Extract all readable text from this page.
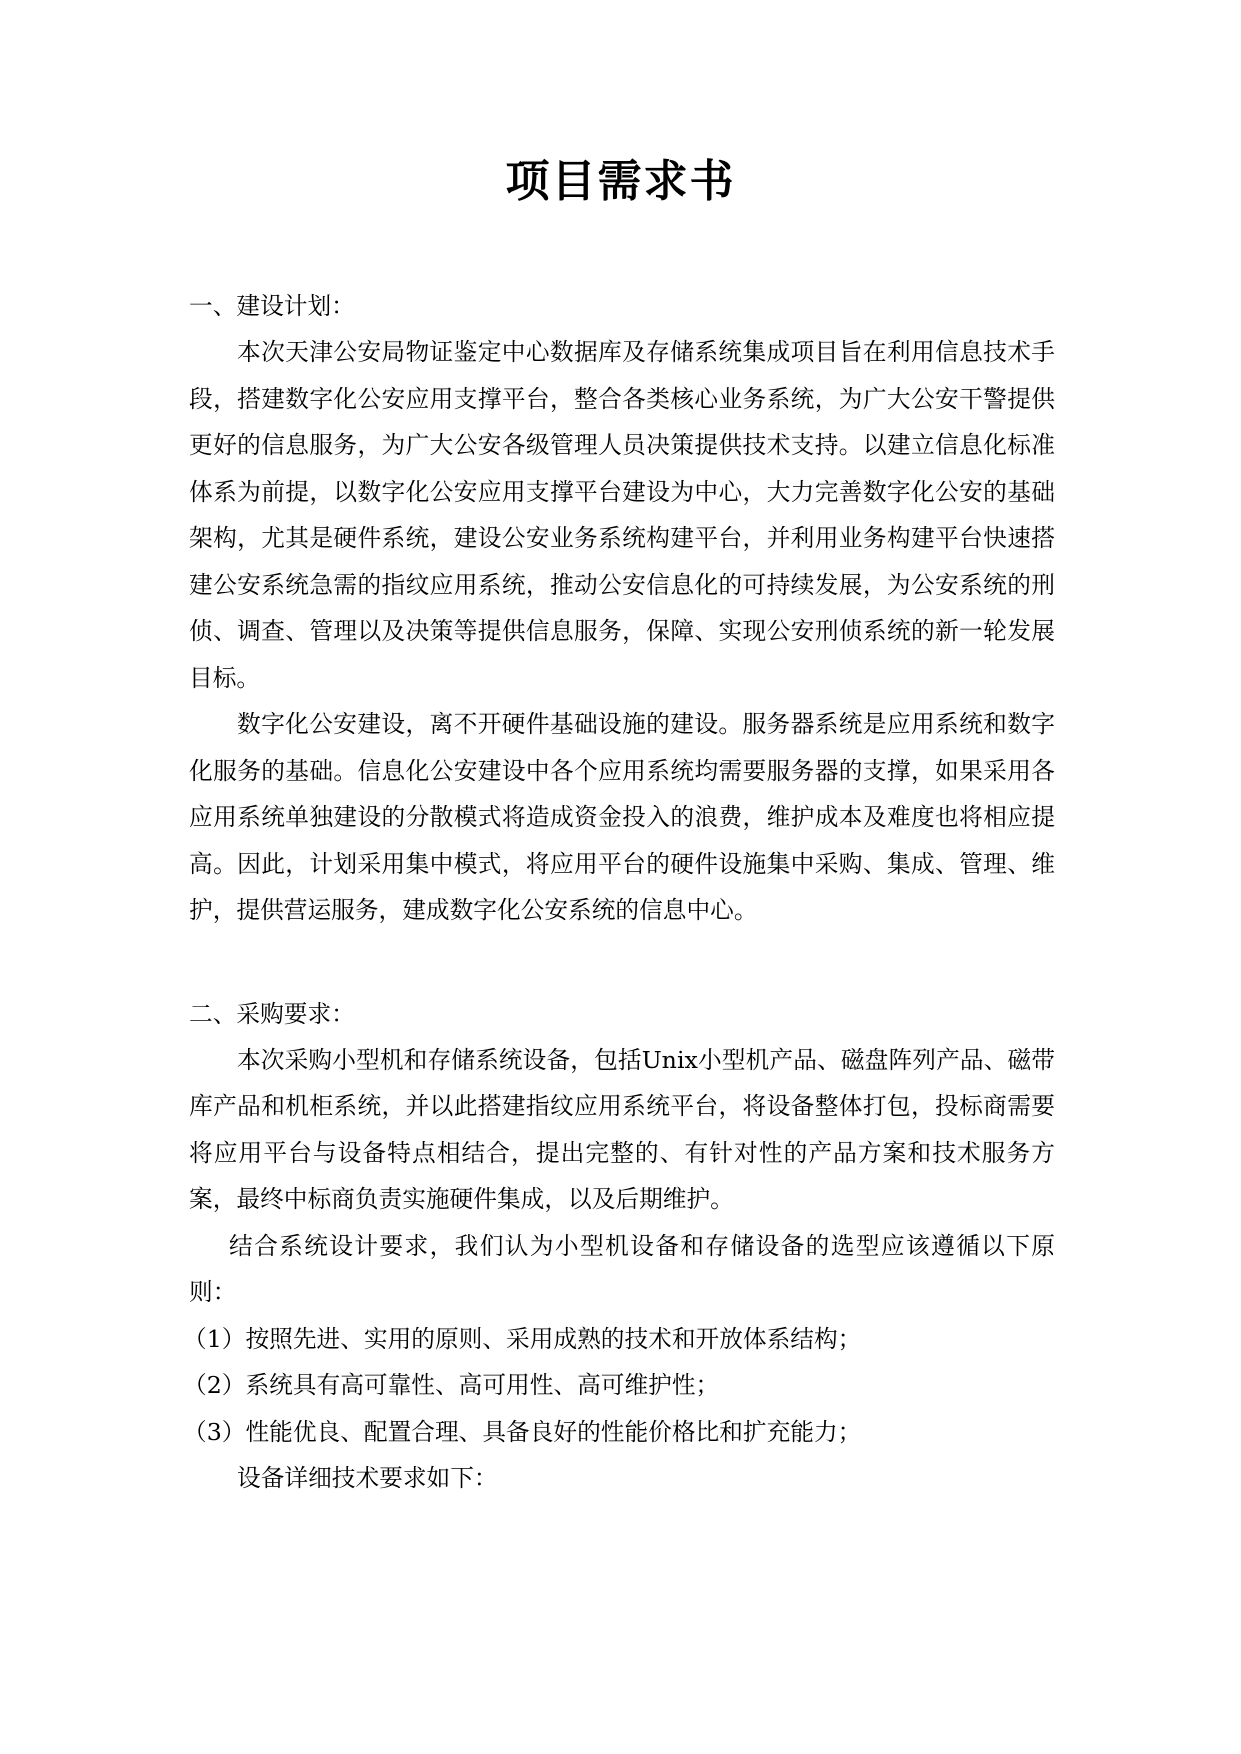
项目需求书
一、建设计划：

本次天津公安局物证鉴定中心数据库及存储系统集成项目旨在利用信息技术手段，搭建数字化公安应用支撑平台，整合各类核心业务系统，为广大公安干警提供更好的信息服务，为广大公安各级管理人员决策提供技术支持。以建立信息化标准体系为前提，以数字化公安应用支撑平台建设为中心，大力完善数字化公安的基础架构，尤其是硬件系统，建设公安业务系统构建平台，并利用业务构建平台快速搭建公安系统急需的指纹应用系统，推动公安信息化的可持续发展，为公安系统的刑侦、调查、管理以及决策等提供信息服务，保障、实现公安刑侦系统的新一轮发展目标。

数字化公安建设，离不开硬件基础设施的建设。服务器系统是应用系统和数字化服务的基础。信息化公安建设中各个应用系统均需要服务器的支撑，如果采用各应用系统单独建设的分散模式将造成资金投入的浪费，维护成本及难度也将相应提高。因此，计划采用集中模式，将应用平台的硬件设施集中采购、集成、管理、维护，提供营运服务，建成数字化公安系统的信息中心。

二、采购要求：

本次采购小型机和存储系统设备，包括Unix小型机产品、磁盘阵列产品、磁带库产品和机柜系统，并以此搭建指纹应用系统平台，将设备整体打包，投标商需要将应用平台与设备特点相结合，提出完整的、有针对性的产品方案和技术服务方案，最终中标商负责实施硬件集成，以及后期维护。

结合系统设计要求，我们认为小型机设备和存储设备的选型应该遵循以下原则：

（1）按照先进、实用的原则、采用成熟的技术和开放体系结构；
（2）系统具有高可靠性、高可用性、高可维护性；
（3）性能优良、配置合理、具备良好的性能价格比和扩充能力；
设备详细技术要求如下：
